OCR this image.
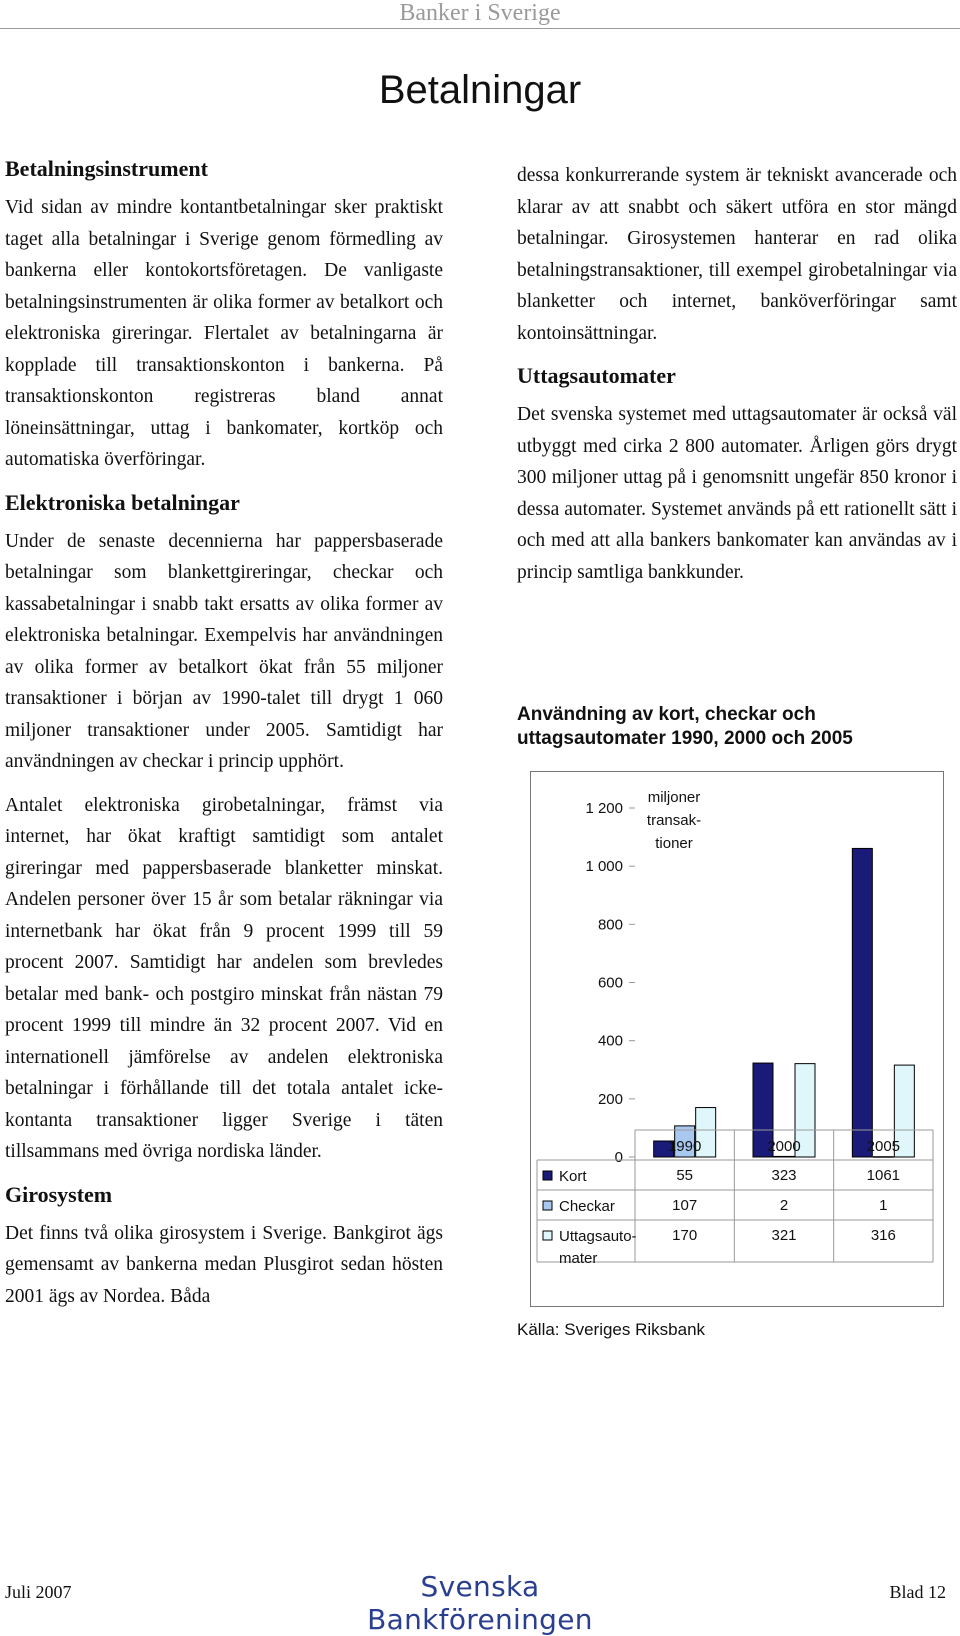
Banker i Sverige
Betalningar
Betalningsinstrument

Vid sidan av mindre kontantbetalningar sker praktiskt taget alla betalningar i Sverige genom förmedling av bankerna eller kontokortsföretagen. De vanligaste betalningsinstrumenten är olika former av betalkort och elektroniska gireringar. Flertalet av betalningarna är kopplade till transaktionskonton i bankerna. På transaktionskonton registreras bland annat löneinsättningar, uttag i bankomater, kortköp och automatiska överföringar.

Elektroniska betalningar

Under de senaste decennierna har pappersbaserade betalningar som blankettgireringar, checkar och kassabetalningar i snabb takt ersatts av olika former av elektroniska betalningar. Exempelvis har användningen av olika former av betalkort ökat från 55 miljoner transaktioner i början av 1990-talet till drygt 1 060 miljoner transaktioner under 2005. Samtidigt har användningen av checkar i princip upphört.

Antalet elektroniska girobetalningar, främst via internet, har ökat kraftigt samtidigt som antalet gireringar med pappersbaserade blanketter minskat. Andelen personer över 15 år som betalar räkningar via internetbank har ökat från 9 procent 1999 till 59 procent 2007. Samtidigt har andelen som brevledes betalar med bank- och postgiro minskat från nästan 79 procent 1999 till mindre än 32 procent 2007. Vid en internationell jämförelse av andelen elektroniska betalningar i förhållande till det totala antalet icke-kontanta transaktioner ligger Sverige i täten tillsammans med övriga nordiska länder.

Girosystem

Det finns två olika girosystem i Sverige. Bankgirot ägs gemensamt av bankerna medan Plusgirot sedan hösten 2001 ägs av Nordea. Båda

dessa konkurrerande system är tekniskt avancerade och klarar av att snabbt och säkert utföra en stor mängd betalningar. Girosystemen hanterar en rad olika betalningstransaktioner, till exempel girobetalningar via blanketter och internet, banköverföringar samt kontoinsättningar.

Uttagsautomater

Det svenska systemet med uttagsautomater är också väl utbyggt med cirka 2 800 automater. Årligen görs drygt 300 miljoner uttag på i genomsnitt ungefär 850 kronor i dessa automater. Systemet används på ett rationellt sätt i och med att alla bankers bankomater kan användas av i princip samtliga bankkunder.

Användning av kort, checkar och uttagsautomater 1990, 2000 och 2005
0
200
400
600
800
1 000
1 200
miljoner
transak-
tioner
1990	2000	2005
Kort	55	323	1061
Checkar	107	2	1
Uttagsauto-
mater
170	321	316
Källa: Sveriges Riksbank
Juli 2007	Svenska Bankföreningen
Blad 12
